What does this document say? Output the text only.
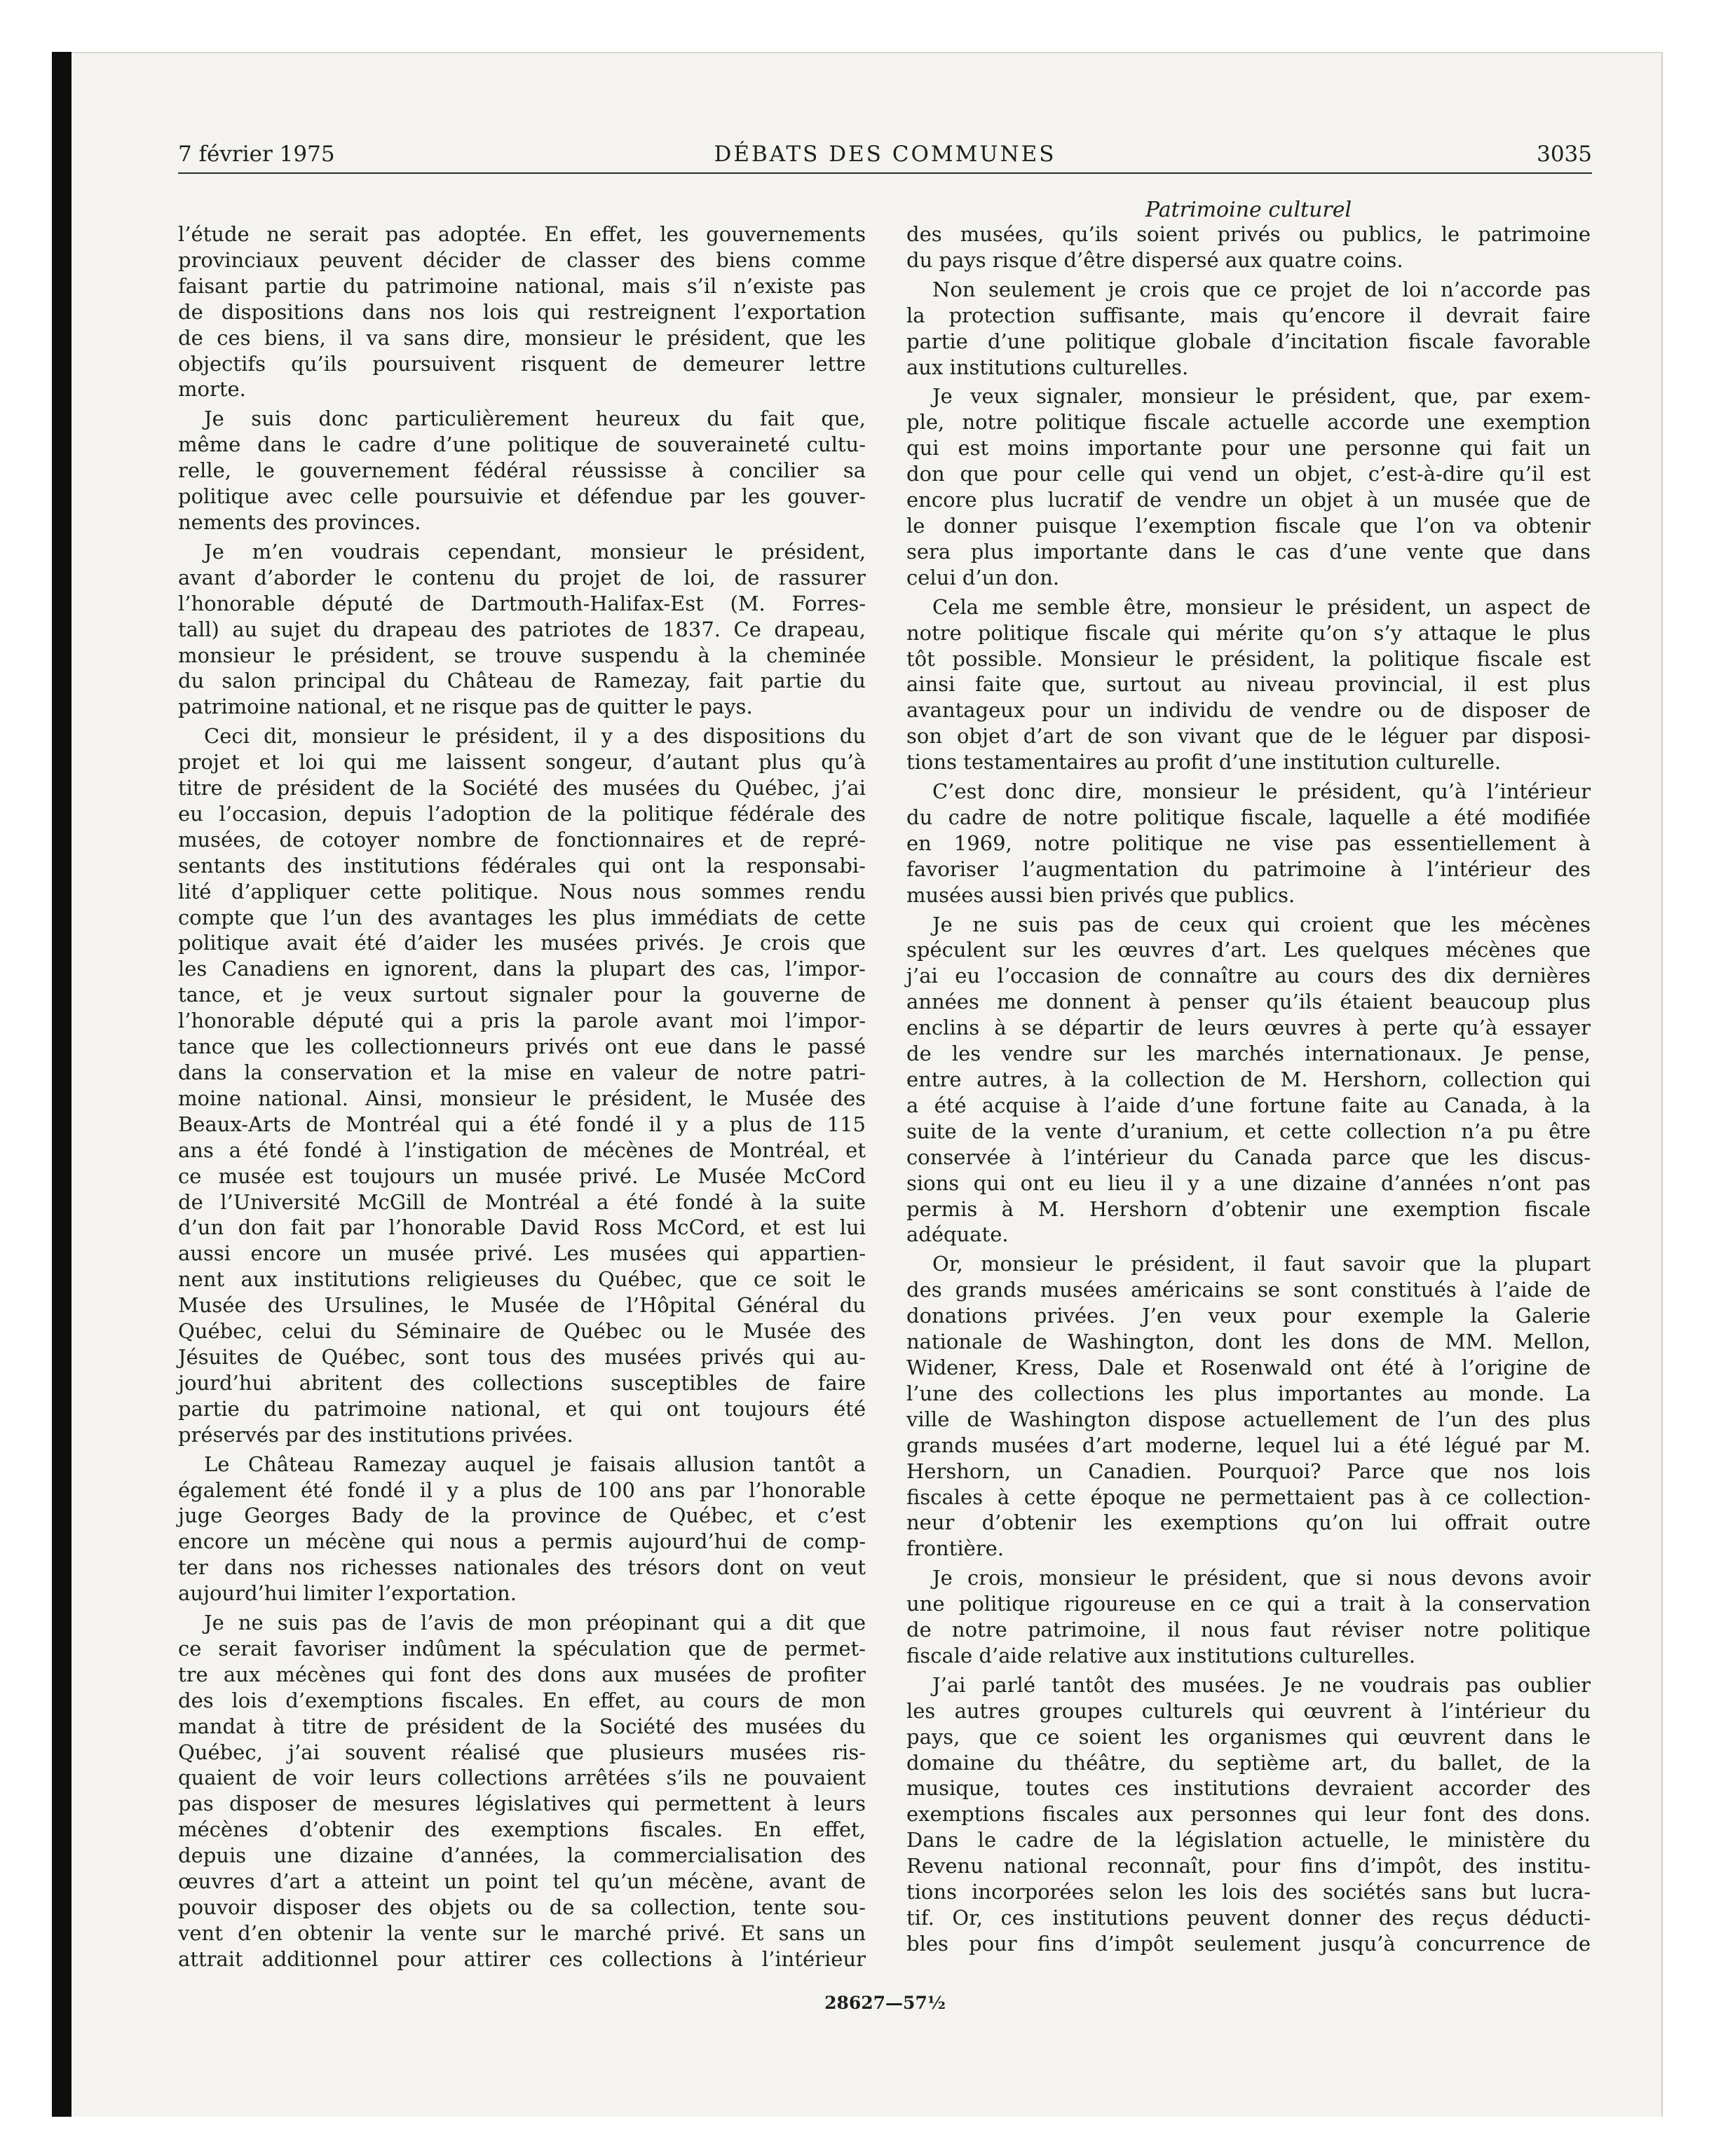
7 février 1975	DÉBATS DES COMMUNES	3035
Patrimoine culturel
l’étude ne serait pas adoptée. En effet, les gouvernements
provinciaux peuvent décider de classer des biens comme
faisant partie du patrimoine national, mais s’il n’existe pas
de dispositions dans nos lois qui restreignent l’exportation
de ces biens, il va sans dire, monsieur le président, que les
objectifs qu’ils poursuivent risquent de demeurer lettre
morte.
Je suis donc particulièrement heureux du fait que,
même dans le cadre d’une politique de souveraineté cultu-
relle, le gouvernement fédéral réussisse à concilier sa
politique avec celle poursuivie et défendue par les gouver-
nements des provinces.
Je m’en voudrais cependant, monsieur le président,
avant d’aborder le contenu du projet de loi, de rassurer
l’honorable député de Dartmouth-Halifax-Est (M. Forres-
tall) au sujet du drapeau des patriotes de 1837. Ce drapeau,
monsieur le président, se trouve suspendu à la cheminée
du salon principal du Château de Ramezay, fait partie du
patrimoine national, et ne risque pas de quitter le pays.
Ceci dit, monsieur le président, il y a des dispositions du
projet et loi qui me laissent songeur, d’autant plus qu’à
titre de président de la Société des musées du Québec, j’ai
eu l’occasion, depuis l’adoption de la politique fédérale des
musées, de cotoyer nombre de fonctionnaires et de repré-
sentants des institutions fédérales qui ont la responsabi-
lité d’appliquer cette politique. Nous nous sommes rendu
compte que l’un des avantages les plus immédiats de cette
politique avait été d’aider les musées privés. Je crois que
les Canadiens en ignorent, dans la plupart des cas, l’impor-
tance, et je veux surtout signaler pour la gouverne de
l’honorable député qui a pris la parole avant moi l’impor-
tance que les collectionneurs privés ont eue dans le passé
dans la conservation et la mise en valeur de notre patri-
moine national. Ainsi, monsieur le président, le Musée des
Beaux-Arts de Montréal qui a été fondé il y a plus de 115
ans a été fondé à l’instigation de mécènes de Montréal, et
ce musée est toujours un musée privé. Le Musée McCord
de l’Université McGill de Montréal a été fondé à la suite
d’un don fait par l’honorable David Ross McCord, et est lui
aussi encore un musée privé. Les musées qui appartien-
nent aux institutions religieuses du Québec, que ce soit le
Musée des Ursulines, le Musée de l’Hôpital Général du
Québec, celui du Séminaire de Québec ou le Musée des
Jésuites de Québec, sont tous des musées privés qui au-
jourd’hui abritent des collections susceptibles de faire
partie du patrimoine national, et qui ont toujours été
préservés par des institutions privées.
Le Château Ramezay auquel je faisais allusion tantôt a
également été fondé il y a plus de 100 ans par l’honorable
juge Georges Bady de la province de Québec, et c’est
encore un mécène qui nous a permis aujourd’hui de comp-
ter dans nos richesses nationales des trésors dont on veut
aujourd’hui limiter l’exportation.
Je ne suis pas de l’avis de mon préopinant qui a dit que
ce serait favoriser indûment la spéculation que de permet-
tre aux mécènes qui font des dons aux musées de profiter
des lois d’exemptions fiscales. En effet, au cours de mon
mandat à titre de président de la Société des musées du
Québec, j’ai souvent réalisé que plusieurs musées ris-
quaient de voir leurs collections arrêtées s’ils ne pouvaient
pas disposer de mesures législatives qui permettent à leurs
mécènes d’obtenir des exemptions fiscales. En effet,
depuis une dizaine d’années, la commercialisation des
œuvres d’art a atteint un point tel qu’un mécène, avant de
pouvoir disposer des objets ou de sa collection, tente sou-
vent d’en obtenir la vente sur le marché privé. Et sans un
attrait additionnel pour attirer ces collections à l’intérieur
des musées, qu’ils soient privés ou publics, le patrimoine
du pays risque d’être dispersé aux quatre coins.
Non seulement je crois que ce projet de loi n’accorde pas
la protection suffisante, mais qu’encore il devrait faire
partie d’une politique globale d’incitation fiscale favorable
aux institutions culturelles.
Je veux signaler, monsieur le président, que, par exem-
ple, notre politique fiscale actuelle accorde une exemption
qui est moins importante pour une personne qui fait un
don que pour celle qui vend un objet, c’est-à-dire qu’il est
encore plus lucratif de vendre un objet à un musée que de
le donner puisque l’exemption fiscale que l’on va obtenir
sera plus importante dans le cas d’une vente que dans
celui d’un don.
Cela me semble être, monsieur le président, un aspect de
notre politique fiscale qui mérite qu’on s’y attaque le plus
tôt possible. Monsieur le président, la politique fiscale est
ainsi faite que, surtout au niveau provincial, il est plus
avantageux pour un individu de vendre ou de disposer de
son objet d’art de son vivant que de le léguer par disposi-
tions testamentaires au profit d’une institution culturelle.
C’est donc dire, monsieur le président, qu’à l’intérieur
du cadre de notre politique fiscale, laquelle a été modifiée
en 1969, notre politique ne vise pas essentiellement à
favoriser l’augmentation du patrimoine à l’intérieur des
musées aussi bien privés que publics.
Je ne suis pas de ceux qui croient que les mécènes
spéculent sur les œuvres d’art. Les quelques mécènes que
j’ai eu l’occasion de connaître au cours des dix dernières
années me donnent à penser qu’ils étaient beaucoup plus
enclins à se départir de leurs œuvres à perte qu’à essayer
de les vendre sur les marchés internationaux. Je pense,
entre autres, à la collection de M. Hershorn, collection qui
a été acquise à l’aide d’une fortune faite au Canada, à la
suite de la vente d’uranium, et cette collection n’a pu être
conservée à l’intérieur du Canada parce que les discus-
sions qui ont eu lieu il y a une dizaine d’années n’ont pas
permis à M. Hershorn d’obtenir une exemption fiscale
adéquate.
Or, monsieur le président, il faut savoir que la plupart
des grands musées américains se sont constitués à l’aide de
donations privées. J’en veux pour exemple la Galerie
nationale de Washington, dont les dons de MM. Mellon,
Widener, Kress, Dale et Rosenwald ont été à l’origine de
l’une des collections les plus importantes au monde. La
ville de Washington dispose actuellement de l’un des plus
grands musées d’art moderne, lequel lui a été légué par M.
Hershorn, un Canadien. Pourquoi? Parce que nos lois
fiscales à cette époque ne permettaient pas à ce collection-
neur d’obtenir les exemptions qu’on lui offrait outre
frontière.
Je crois, monsieur le président, que si nous devons avoir
une politique rigoureuse en ce qui a trait à la conservation
de notre patrimoine, il nous faut réviser notre politique
fiscale d’aide relative aux institutions culturelles.
J’ai parlé tantôt des musées. Je ne voudrais pas oublier
les autres groupes culturels qui œuvrent à l’intérieur du
pays, que ce soient les organismes qui œuvrent dans le
domaine du théâtre, du septième art, du ballet, de la
musique, toutes ces institutions devraient accorder des
exemptions fiscales aux personnes qui leur font des dons.
Dans le cadre de la législation actuelle, le ministère du
Revenu national reconnaît, pour fins d’impôt, des institu-
tions incorporées selon les lois des sociétés sans but lucra-
tif. Or, ces institutions peuvent donner des reçus déducti-
bles pour fins d’impôt seulement jusqu’à concurrence de
28627—57½
